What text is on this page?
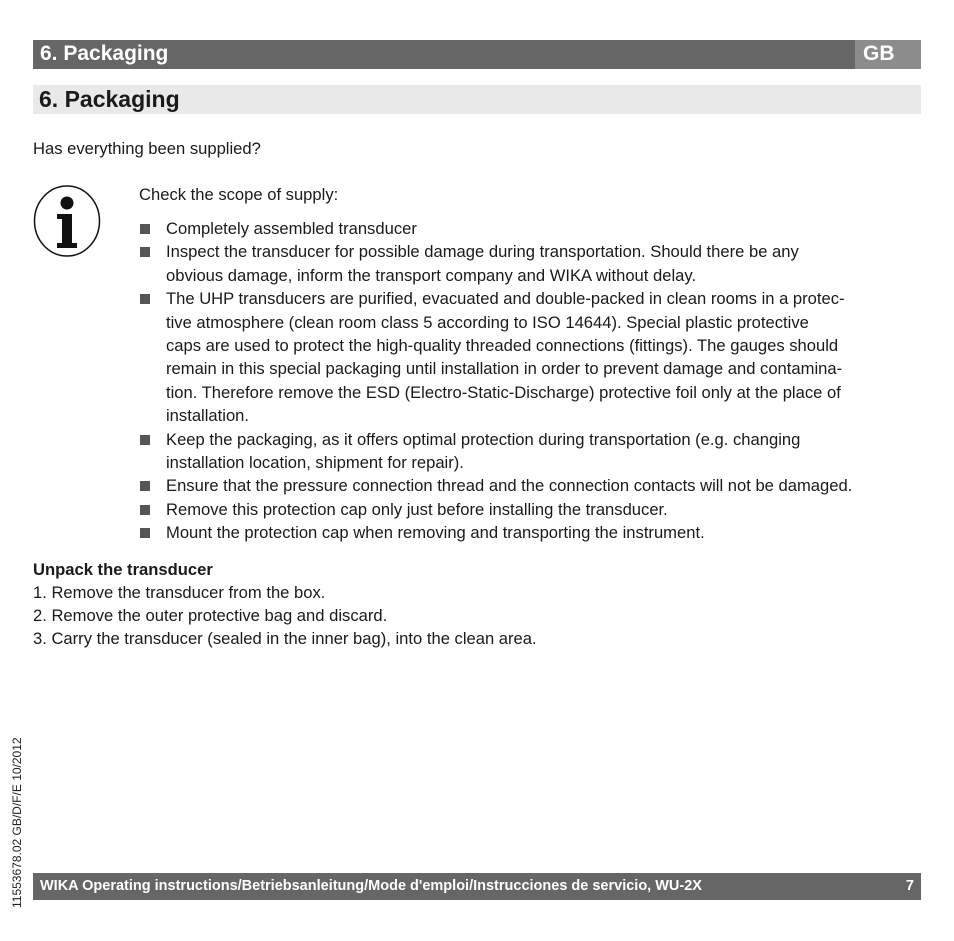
6. Packaging	GB
6. Packaging
Has everything been supplied?
Check the scope of supply:
Completely assembled transducer
Inspect the transducer for possible damage during transportation. Should there be any
obvious damage, inform the transport company and WIKA without delay.
The UHP transducers are purified, evacuated and double-packed in clean rooms in a protec-
tive atmosphere (clean room class 5 according to ISO 14644). Special plastic protective
caps are used to protect the high-quality threaded connections (fittings). The gauges should
remain in this special packaging until installation in order to prevent damage and contamina-
tion. Therefore remove the ESD (Electro-Static-Discharge) protective foil only at the place of
installation.
Keep the packaging, as it offers optimal protection during transportation (e.g. changing
installation location, shipment for repair).
Ensure that the pressure connection thread and the connection contacts will not be damaged.
Remove this protection cap only just before installing the transducer.
Mount the protection cap when removing and transporting the instrument.
Unpack the transducer
1. Remove the transducer from the box.
2. Remove the outer protective bag and discard.
3. Carry the transducer (sealed in the inner bag), into the clean area.
11553678.02 GB/D/F/E 10/2012 WIKA Operating instructions/Betriebsanleitung/Mode d'emploi/Instrucciones de servicio, WU-2X	7
